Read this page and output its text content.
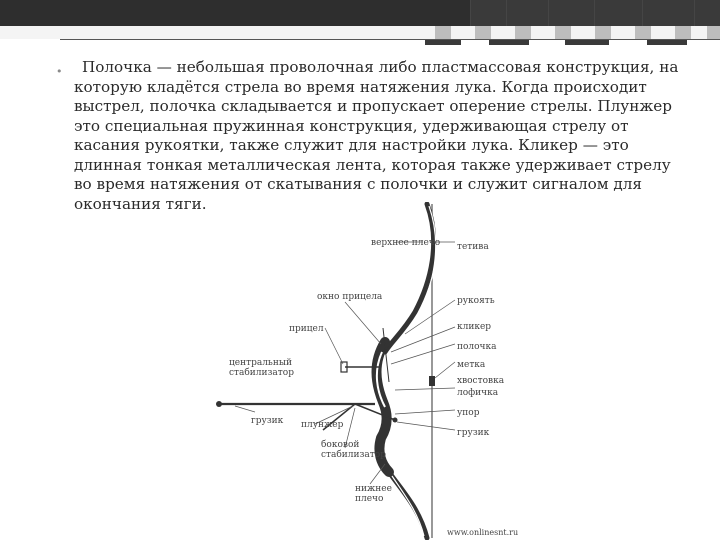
•	Полочка — небольшая проволочная либо пластмассовая конструкция, на которую кладётся стрела во время натяжения лука. Когда происходит выстрел, полочка складывается и пропускает оперение стрелы. Плунжер это специальная пружинная конструкция, удерживающая стрелу от касания рукоятки, также служит для настройки лука. Кликер — это длинная тонкая металлическая лента, которая также удерживает стрелу во время натяжения от скатывания с полочки и служит сигналом для окончания тяги.
верхнее плечо тетива
окно прицела	рукоять
прицел	кликер
полочка
центральный стабилизатор
метка
хвостовка
лофичка
грузик
упор
грузик
плунжер
боковой стабилизатор
нижнее плечо
www.onlinesnt.ru
